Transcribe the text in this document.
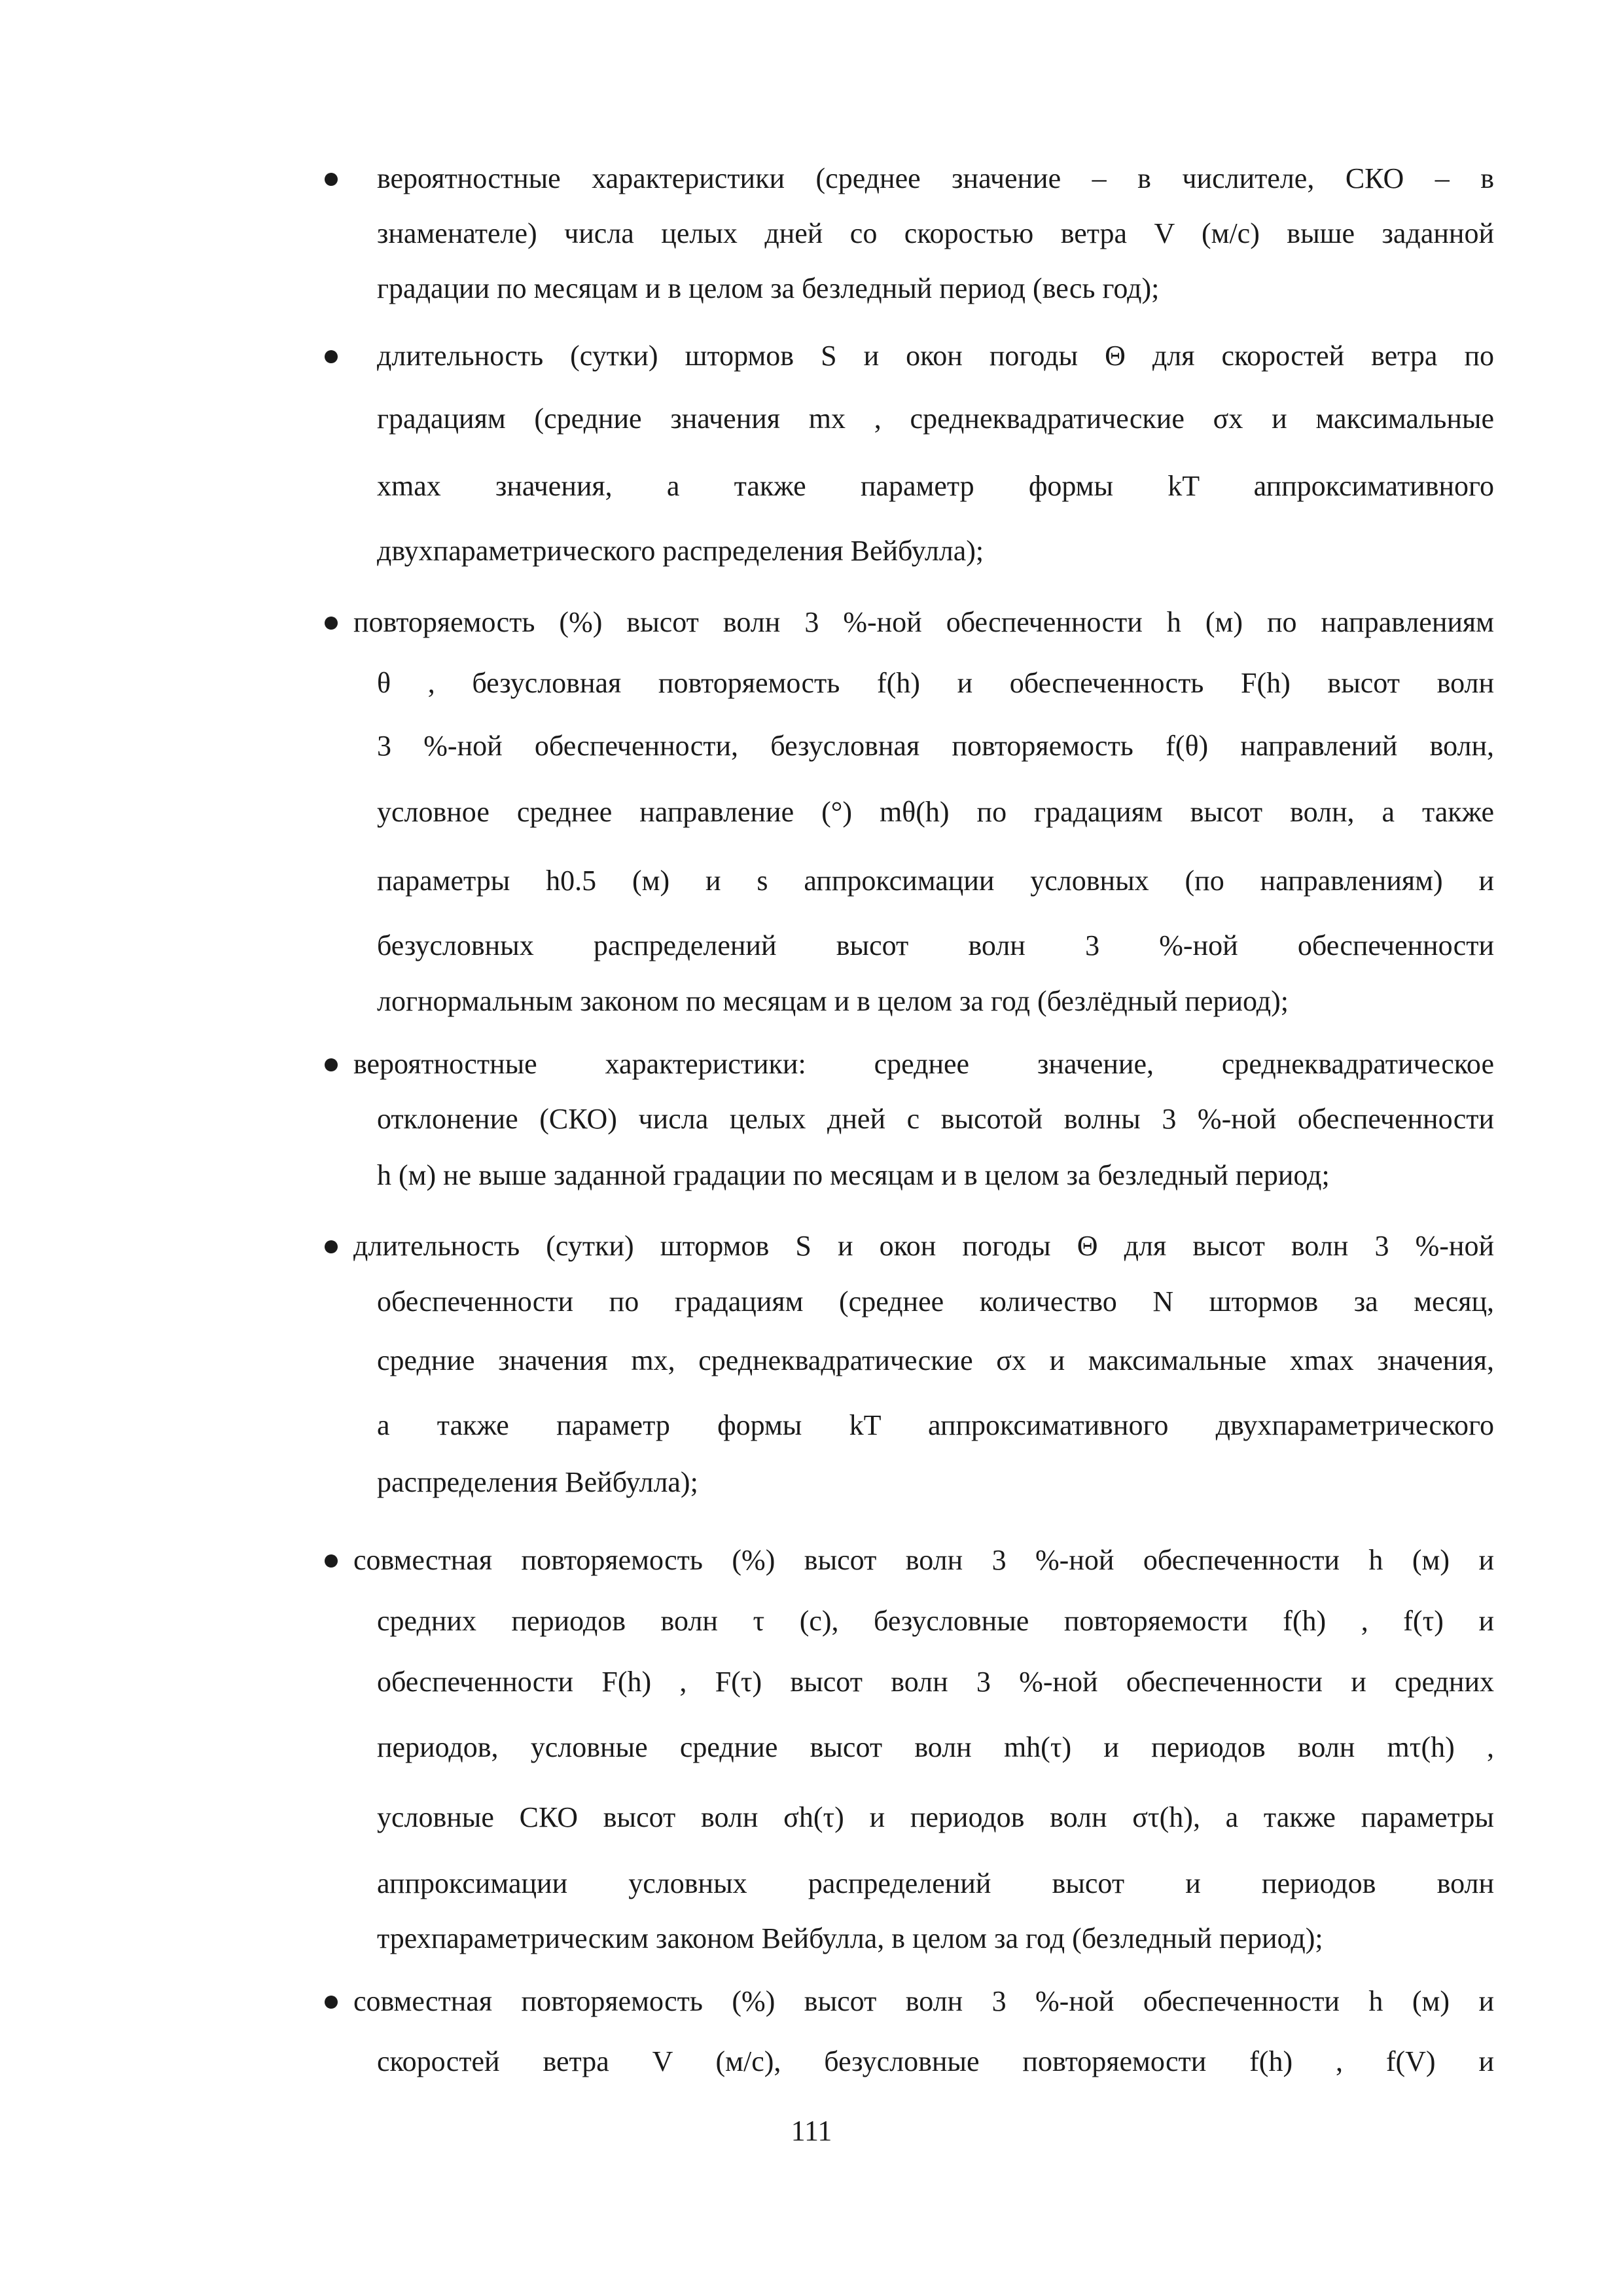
вероятностные характеристики (среднее значение – в числителе, СКО – в
знаменателе) числа целых дней со скоростью ветра V (м/с) выше заданной
градации по месяцам и в целом за безледный период (весь год);
длительность (сутки) штормов S и окон погоды Θ для скоростей ветра по
градациям (средние значения mx , среднеквадратические σx и максимальные
xmax значения, а также параметр формы kT аппроксимативного
двухпараметрического распределения Вейбулла);
повторяемость (%) высот волн 3 %-ной обеспеченности h (м) по направлениям
θ , безусловная повторяемость f(h) и обеспеченность F(h) высот волн
3 %-ной обеспеченности, безусловная повторяемость f(θ) направлений волн,
условное среднее направление (°) mθ(h) по градациям высот волн, а также
параметры h0.5 (м) и s аппроксимации условных (по направлениям) и
безусловных распределений высот волн 3 %-ной обеспеченности
логнормальным законом по месяцам и в целом за год (безлёдный период);
вероятностные характеристики: среднее значение, среднеквадратическое
отклонение (СКО) числа целых дней с высотой волны 3 %-ной обеспеченности
h (м) не выше заданной градации по месяцам и в целом за безледный период;
длительность (сутки) штормов S и окон погоды Θ для высот волн 3 %-ной
обеспеченности по градациям (среднее количество N штормов за месяц,
средние значения mx, среднеквадратические σx и максимальные xmax значения,
а также параметр формы kT аппроксимативного двухпараметрического
распределения Вейбулла);
совместная повторяемость (%) высот волн 3 %-ной обеспеченности h (м) и
средних периодов волн τ (с), безусловные повторяемости f(h) , f(τ) и
обеспеченности F(h) , F(τ) высот волн 3 %-ной обеспеченности и средних
периодов, условные средние высот волн mh(τ) и периодов волн mτ(h) ,
условные СКО высот волн σh(τ) и периодов волн στ(h), а также параметры
аппроксимации условных распределений высот и периодов волн
трехпараметрическим законом Вейбулла, в целом за год (безледный период);
совместная повторяемость (%) высот волн 3 %-ной обеспеченности h (м) и
скоростей ветра V (м/с), безусловные повторяемости f(h) , f(V) и
111
